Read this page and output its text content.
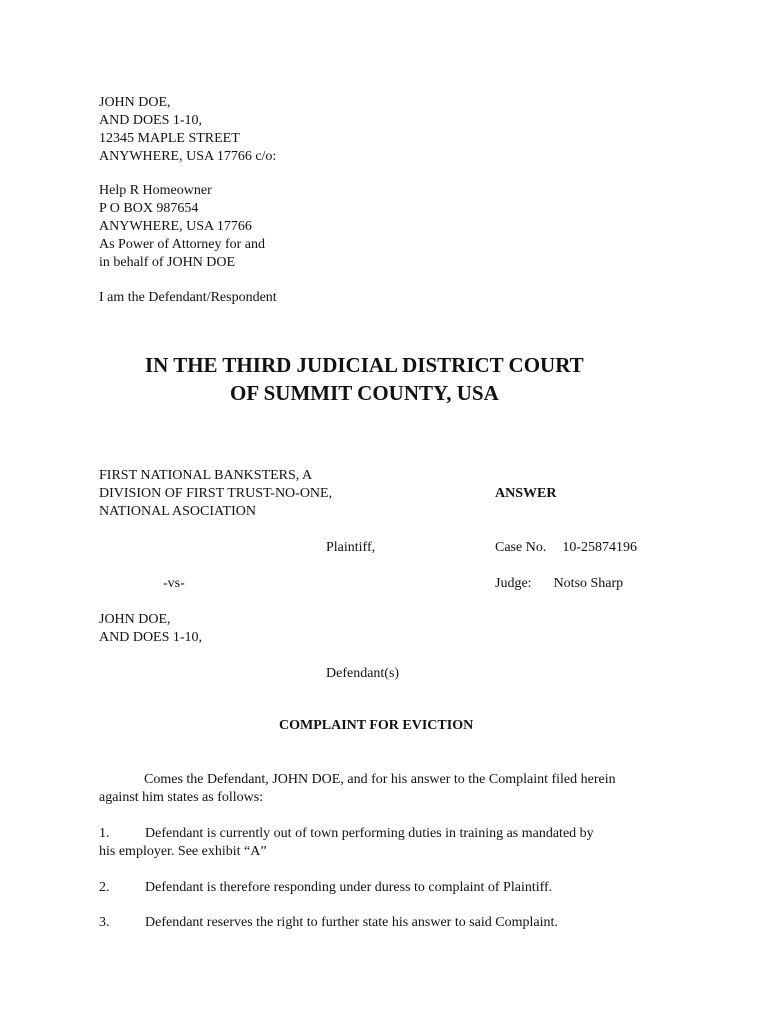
JOHN DOE,
AND DOES 1-10,
12345 MAPLE STREET
ANYWHERE, USA 17766 c/o:
Help R Homeowner
P O BOX 987654
ANYWHERE, USA 17766
As Power of Attorney for and
in behalf of JOHN DOE
I am the Defendant/Respondent
IN THE THIRD JUDICIAL DISTRICT COURT
OF SUMMIT COUNTY, USA
FIRST NATIONAL BANKSTERS, A
DIVISION OF FIRST TRUST-NO-ONE,
NATIONAL ASOCIATION
ANSWER
Plaintiff,	Case No. 10-25874196
-vs-	Judge: Notso Sharp
JOHN DOE,
AND DOES 1-10,
Defendant(s)
COMPLAINT FOR EVICTION
Comes the Defendant, JOHN DOE, and for his answer to the Complaint filed herein
against him states as follows:
1.	Defendant is currently out of town performing duties in training as mandated by
his employer. See exhibit “A”
2.	Defendant is therefore responding under duress to complaint of Plaintiff.
3.	Defendant reserves the right to further state his answer to said Complaint.
